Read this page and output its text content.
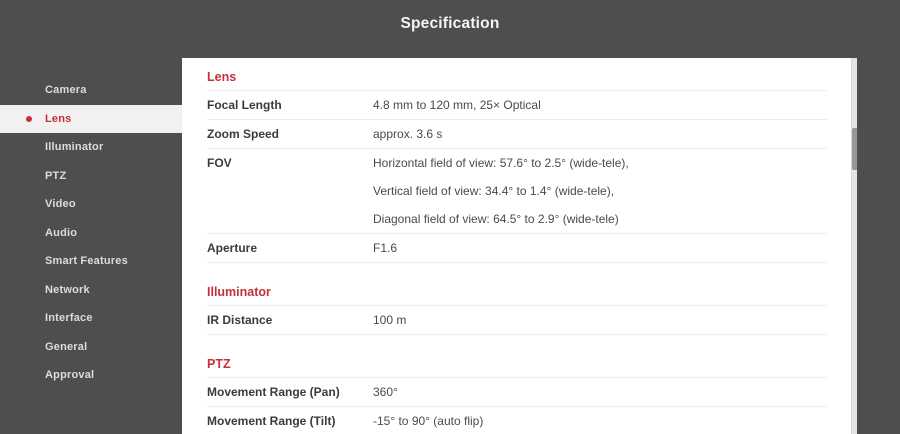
Specification
Camera
Lens
Illuminator
PTZ
Video
Audio
Smart Features
Network
Interface
General
Approval
Lens
Focal Length	4.8 mm to 120 mm, 25× Optical
Zoom Speed	approx. 3.6 s
FOV	Horizontal field of view: 57.6° to 2.5° (wide-tele),
Vertical field of view: 34.4° to 1.4° (wide-tele),
Diagonal field of view: 64.5° to 2.9° (wide-tele)
Aperture	F1.6
Illuminator
IR Distance	100 m
PTZ
Movement Range (Pan)	360°
Movement Range (Tilt)	-15° to 90° (auto flip)
